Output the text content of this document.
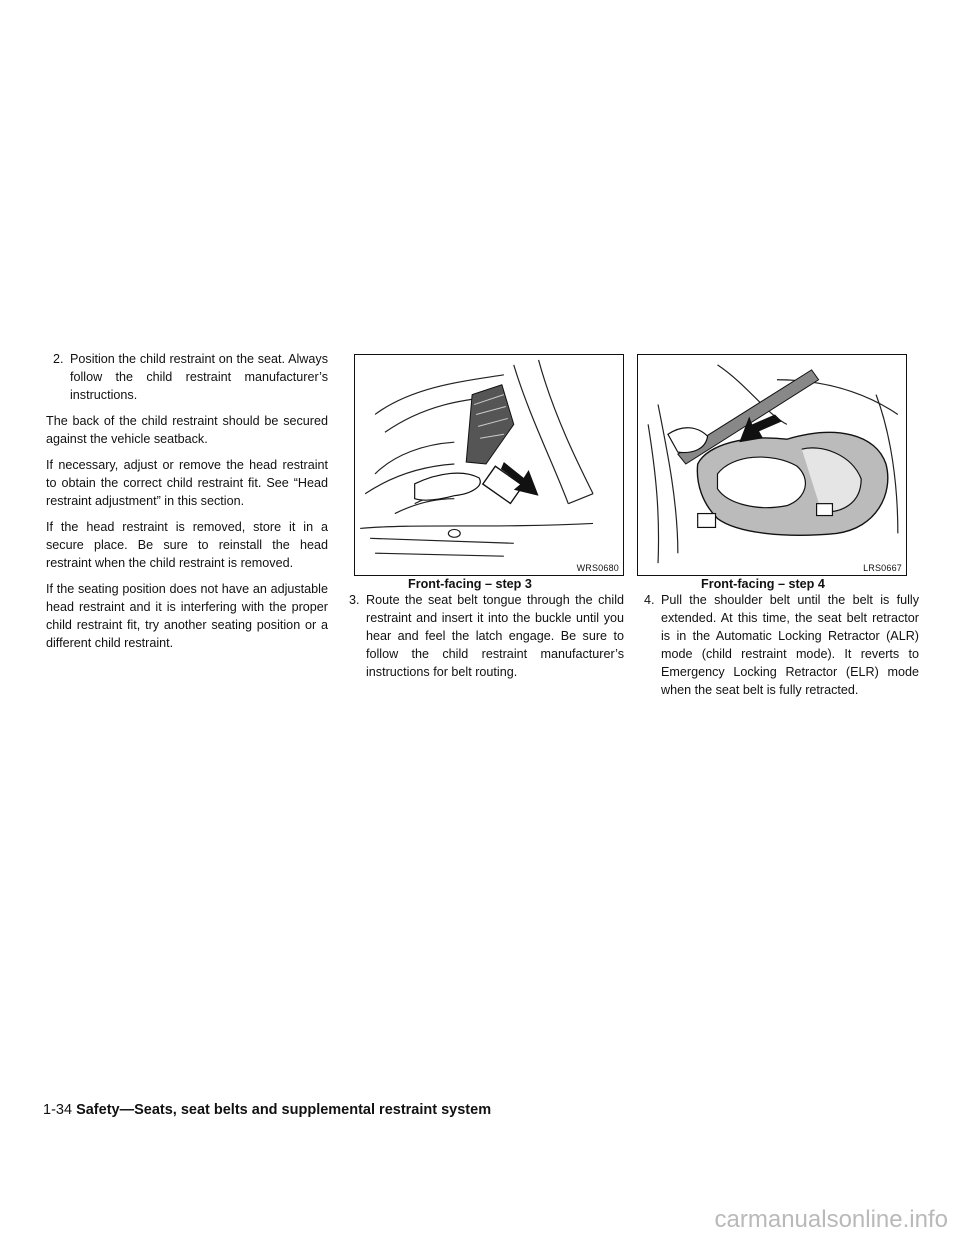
2. Position the child restraint on the seat. Always follow the child restraint manufacturer’s instructions.

The back of the child restraint should be secured against the vehicle seatback.

If necessary, adjust or remove the head restraint to obtain the correct child restraint fit. See “Head restraint adjustment” in this section.

If the head restraint is removed, store it in a secure place. Be sure to reinstall the head restraint when the child restraint is removed.

If the seating position does not have an adjustable head restraint and it is interfering with the proper child restraint fit, try another seating position or a different child restraint.

WRS0680
Front-facing – step 3
LRS0667
Front-facing – step 4

3. Route the seat belt tongue through the child restraint and insert it into the buckle until you hear and feel the latch engage. Be sure to follow the child restraint manufacturer’s instructions for belt routing.

4. Pull the shoulder belt until the belt is fully extended. At this time, the seat belt retractor is in the Automatic Locking Retractor (ALR) mode (child restraint mode). It reverts to Emergency Locking Retractor (ELR) mode when the seat belt is fully retracted.

1-34 Safety—Seats, seat belts and supplemental restraint system
carmanualsonline.info
